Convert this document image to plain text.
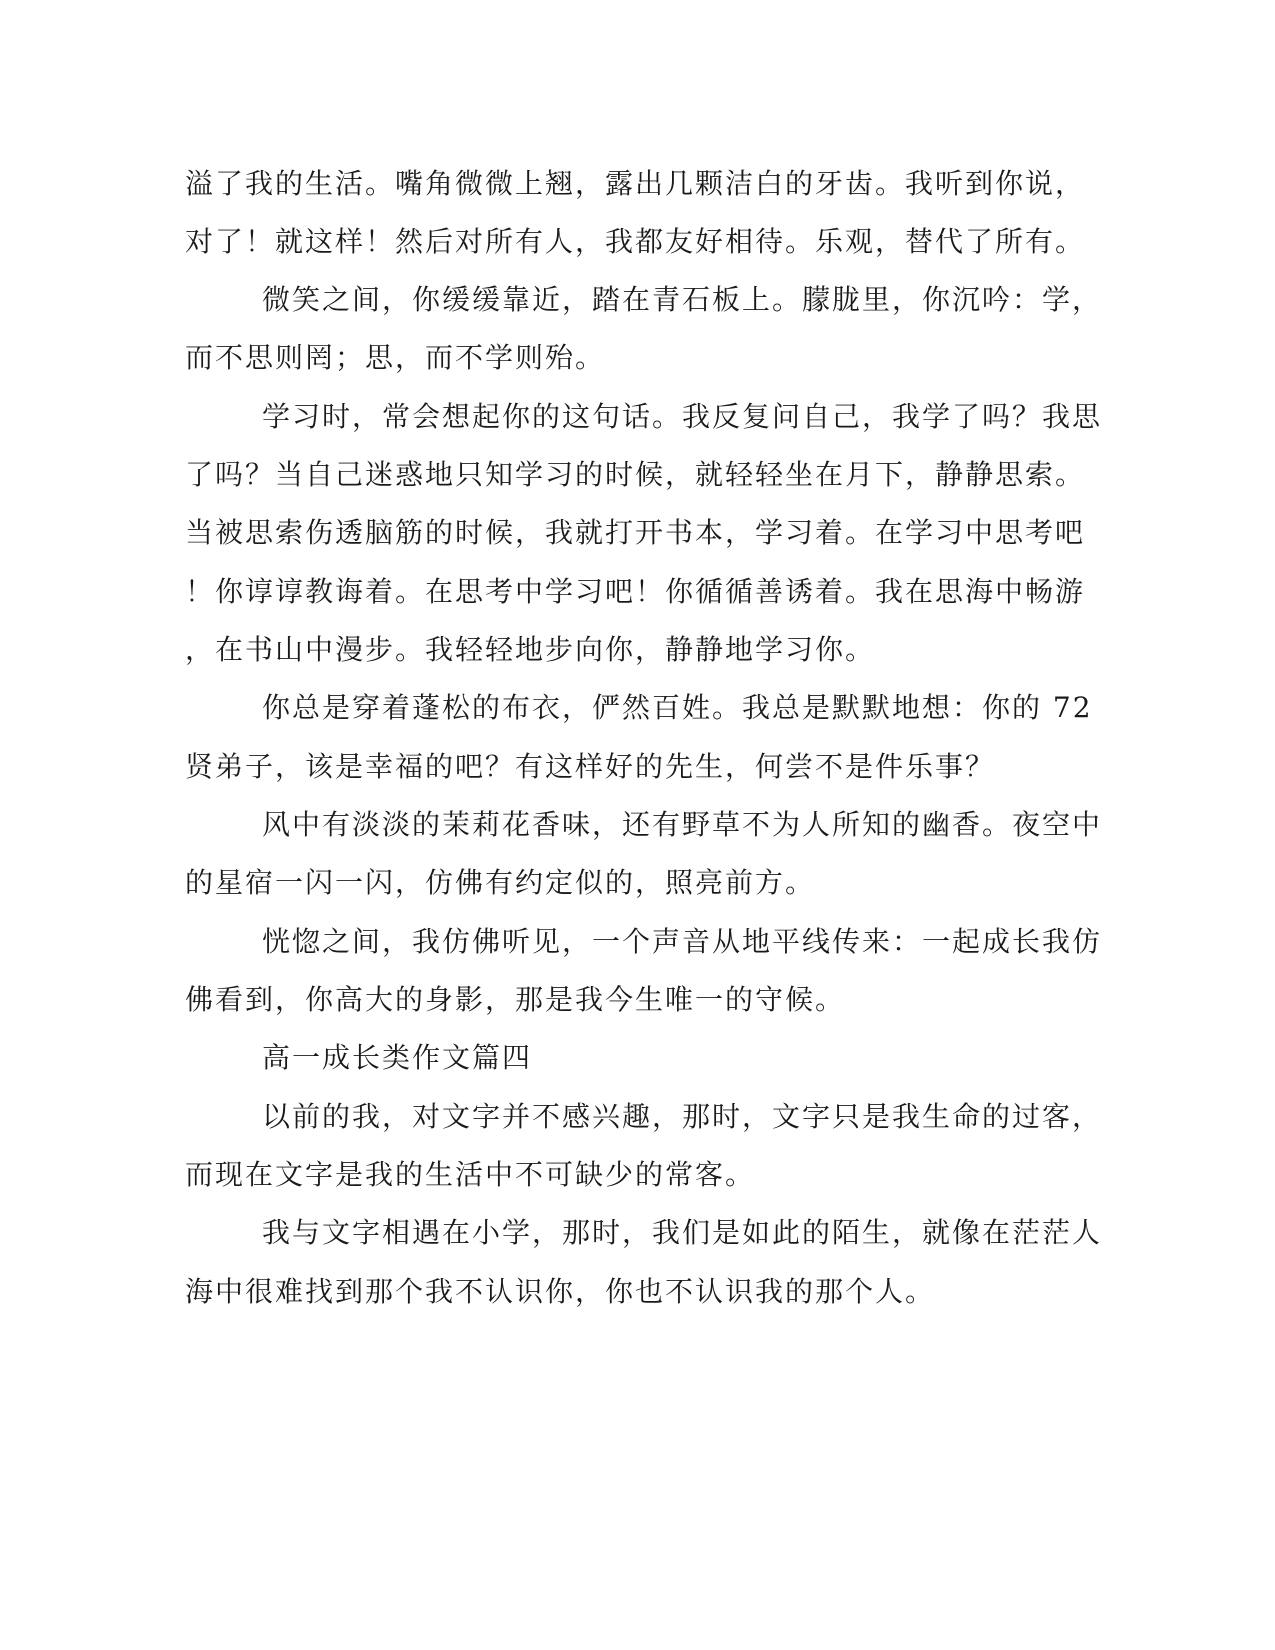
溢了我的生活。嘴角微微上翘，露出几颗洁白的牙齿。我听到你说，
对了！就这样！然后对所有人，我都友好相待。乐观，替代了所有。
微笑之间，你缓缓靠近，踏在青石板上。朦胧里，你沉吟：学，
而不思则罔；思，而不学则殆。
学习时，常会想起你的这句话。我反复问自己，我学了吗？我思
了吗？当自己迷惑地只知学习的时候，就轻轻坐在月下，静静思索。
当被思索伤透脑筋的时候，我就打开书本，学习着。在学习中思考吧
！你谆谆教诲着。在思考中学习吧！你循循善诱着。我在思海中畅游
，在书山中漫步。我轻轻地步向你，静静地学习你。
你总是穿着蓬松的布衣，俨然百姓。我总是默默地想：你的 72
贤弟子，该是幸福的吧？有这样好的先生，何尝不是件乐事？
风中有淡淡的茉莉花香味，还有野草不为人所知的幽香。夜空中
的星宿一闪一闪，仿佛有约定似的，照亮前方。
恍惚之间，我仿佛听见，一个声音从地平线传来：一起成长我仿
佛看到，你高大的身影，那是我今生唯一的守候。
高一成长类作文篇四
以前的我，对文字并不感兴趣，那时，文字只是我生命的过客，
而现在文字是我的生活中不可缺少的常客。
我与文字相遇在小学，那时，我们是如此的陌生，就像在茫茫人
海中很难找到那个我不认识你，你也不认识我的那个人。
